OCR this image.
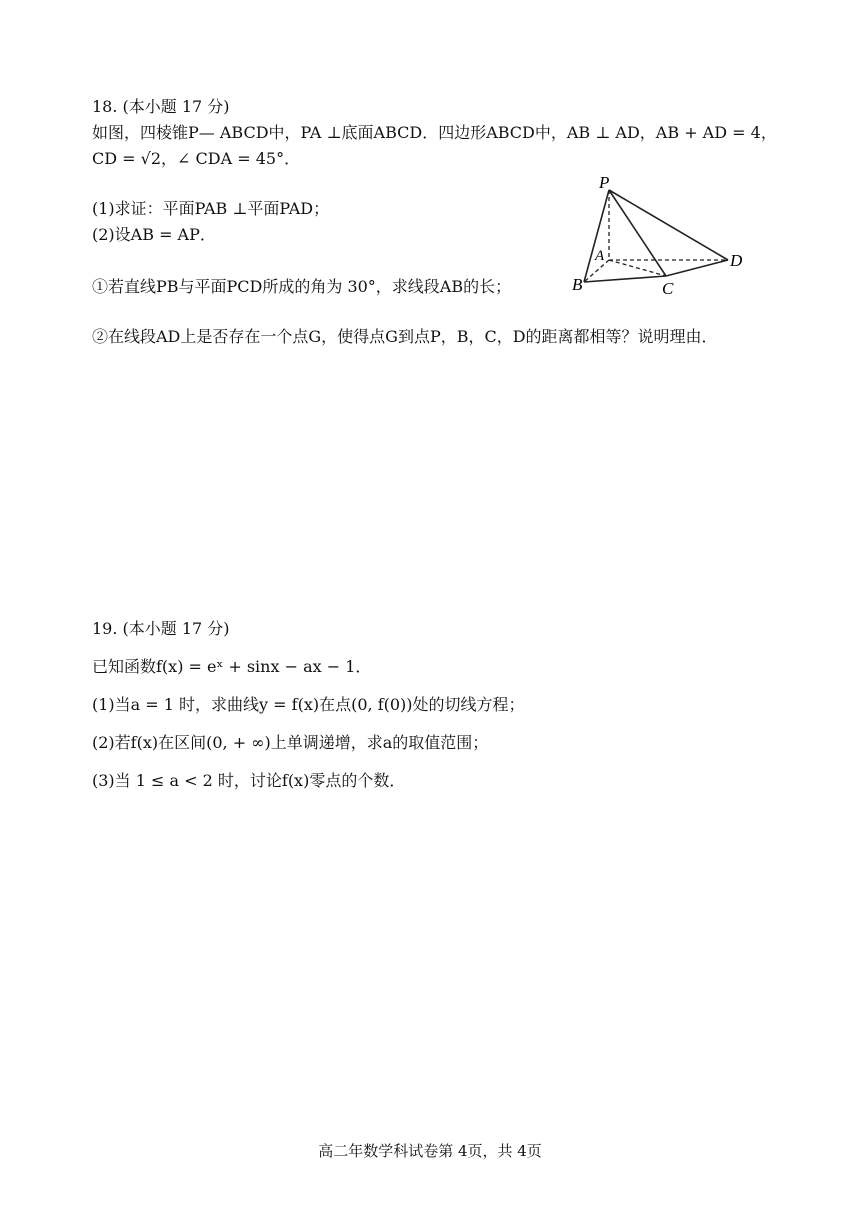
18. (本小题 17 分)
如图，四棱锥P— ABCD中，PA ⊥底面ABCD．四边形ABCD中，AB ⊥ AD，AB + AD = 4，
CD = √2，∠ CDA = 45°．
(1)求证：平面PAB ⊥平面PAD；
(2)设AB = AP．
①若直线PB与平面PCD所成的角为 30°，求线段AB的长；
②在线段AD上是否存在一个点G，使得点G到点P，B，C，D的距离都相等？说明理由．
P
A
B	C
D
19. (本小题 17 分)
已知函数f(x) = eˣ + sinx − ax − 1．
(1)当a = 1 时，求曲线y = f(x)在点(0, f(0))处的切线方程；
(2)若f(x)在区间(0, + ∞)上单调递增，求a的取值范围；
(3)当 1 ≤ a < 2 时，讨论f(x)零点的个数．
高二年数学科试卷第 4页，共 4页
